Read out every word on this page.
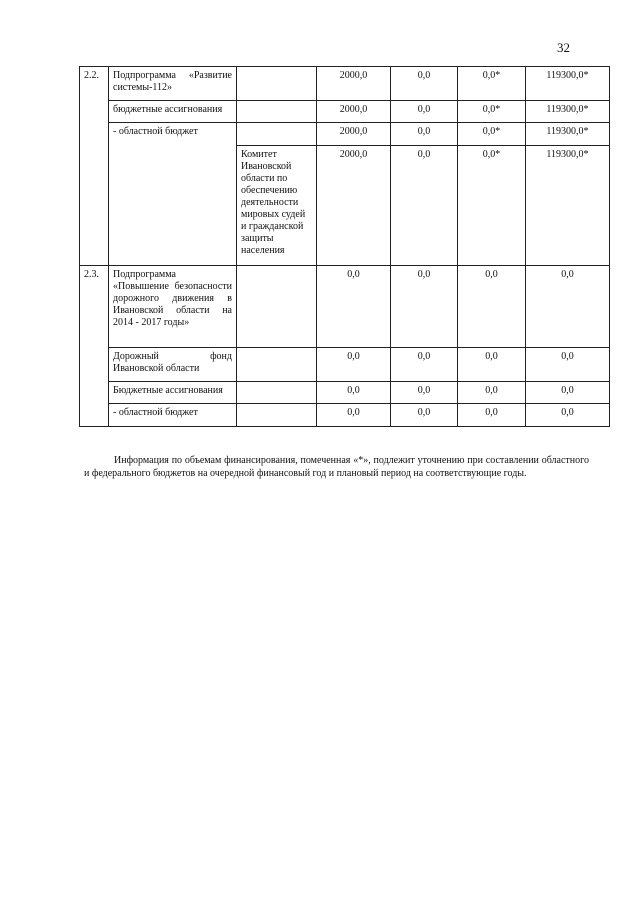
32
2.2.	Подпрограмма «Развитие системы-112»		2000,0	0,0	0,0*	119300,0*
	бюджетные ассигнования		2000,0	0,0	0,0*	119300,0*
	- областной бюджет		2000,0	0,0	0,0*	119300,0*
		Комитет Ивановской области по обеспечению деятельности мировых судей и гражданской защиты населения	2000,0	0,0	0,0*	119300,0*
2.3.	Подпрограмма «Повышение безопасности дорожного движения в Ивановской области на 2014 - 2017 годы»		0,0	0,0	0,0	0,0
	Дорожный фонд Ивановской области		0,0	0,0	0,0	0,0
	Бюджетные ассигнования		0,0	0,0	0,0	0,0
	- областной бюджет		0,0	0,0	0,0	0,0

Информация по объемам финансирования, помеченная «*», подлежит уточнению при составлении областного и федерального бюджетов на очередной финансовый год и плановый период на соответствующие годы.
